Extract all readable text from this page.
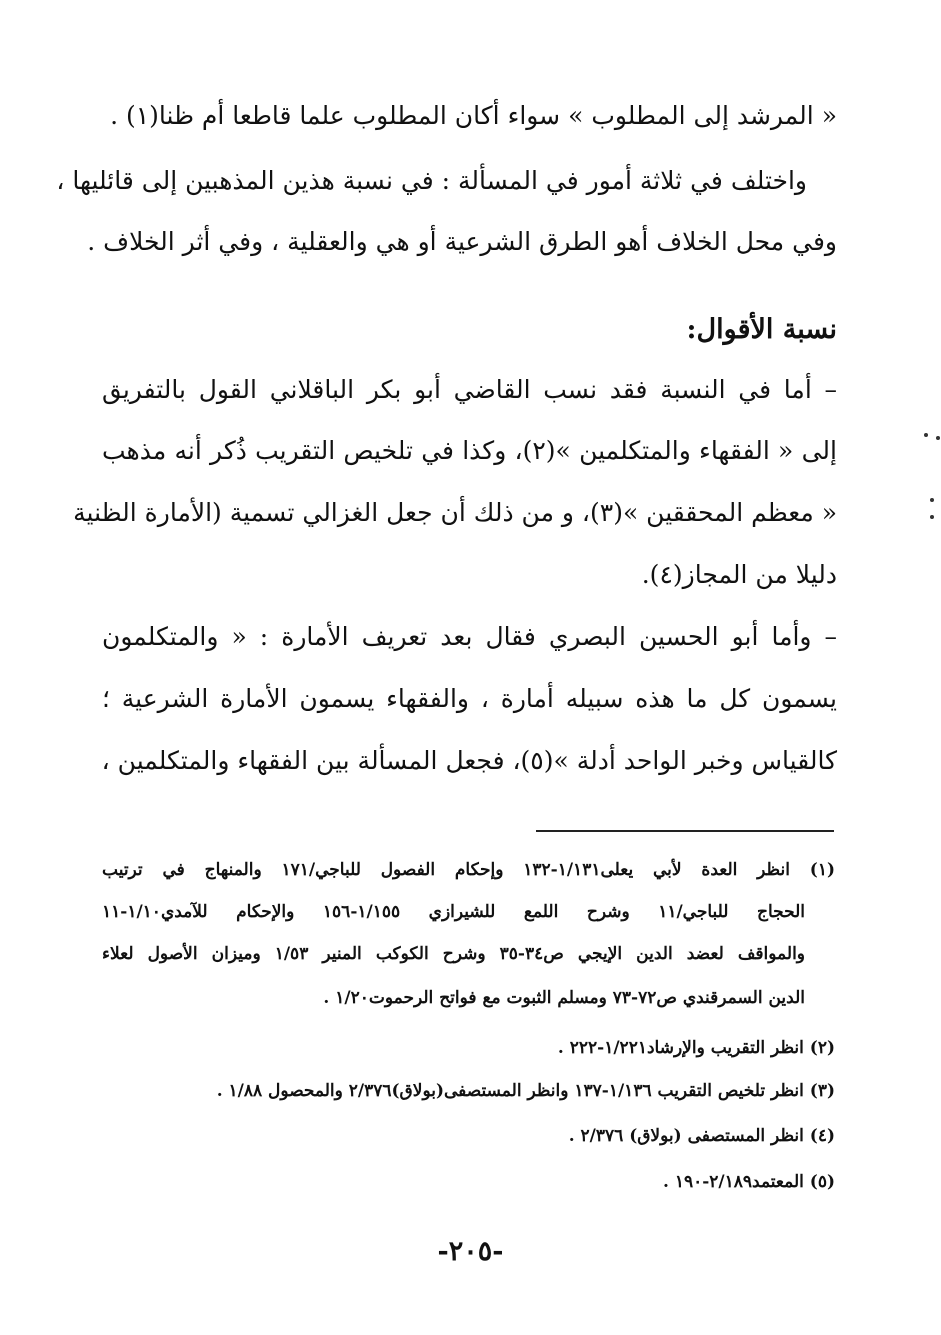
« المرشد إلى المطلوب » سواء أكان المطلوب علما قاطعا أم ظنا(١) .
واختلف في ثلاثة أمور في المسألة : في نسبة هذين المذهبين إلى قائليها ،
وفي محل الخلاف أهو الطرق الشرعية أو هي والعقلية ، وفي أثر الخلاف .
نسبة الأقوال:
– أما في النسبة فقد نسب القاضي أبو بكر الباقلاني القول بالتفريق
إلى « الفقهاء والمتكلمين »(٢)، وكذا في تلخيص التقريب ذُكر أنه مذهب
« معظم المحققين »(٣)، و من ذلك أن جعل الغزالي تسمية (الأمارة الظنية
دليلا من المجاز(٤).
– وأما أبو الحسين البصري فقال بعد تعريف الأمارة : « والمتكلمون
يسمون كل ما هذه سبيله أمارة ، والفقهاء يسمون الأمارة الشرعية ؛
كالقياس وخبر الواحد أدلة »(٥)، فجعل المسألة بين الفقهاء والمتكلمين ،
(١) انظر العدة لأبي يعلى١/١٣١-١٣٢ وإحكام الفصول للباجي/١٧١ والمنهاج في ترتيب
الحجاج للباجي/١١ وشرح اللمع للشيرازي ١/١٥٥-١٥٦ والإحكام للآمدي١/١٠-١١
والمواقف لعضد الدين الإيجي ص٣٤-٣٥ وشرح الكوكب المنير ١/٥٣ وميزان الأصول لعلاء
الدين السمرقندي ص٧٢-٧٣ ومسلم الثبوت مع فواتح الرحموت١/٢٠ .
(٢) انظر التقريب والإرشاد١/٢٢١-٢٢٢ .
(٣) انظر تلخيص التقريب ١/١٣٦-١٣٧ وانظر المستصفى(بولاق)٢/٣٧٦ والمحصول ١/٨٨ .
(٤) انظر المستصفى (بولاق) ٢/٣٧٦ .
(٥) المعتمد٢/١٨٩-١٩٠ .
-٢٠٥-
